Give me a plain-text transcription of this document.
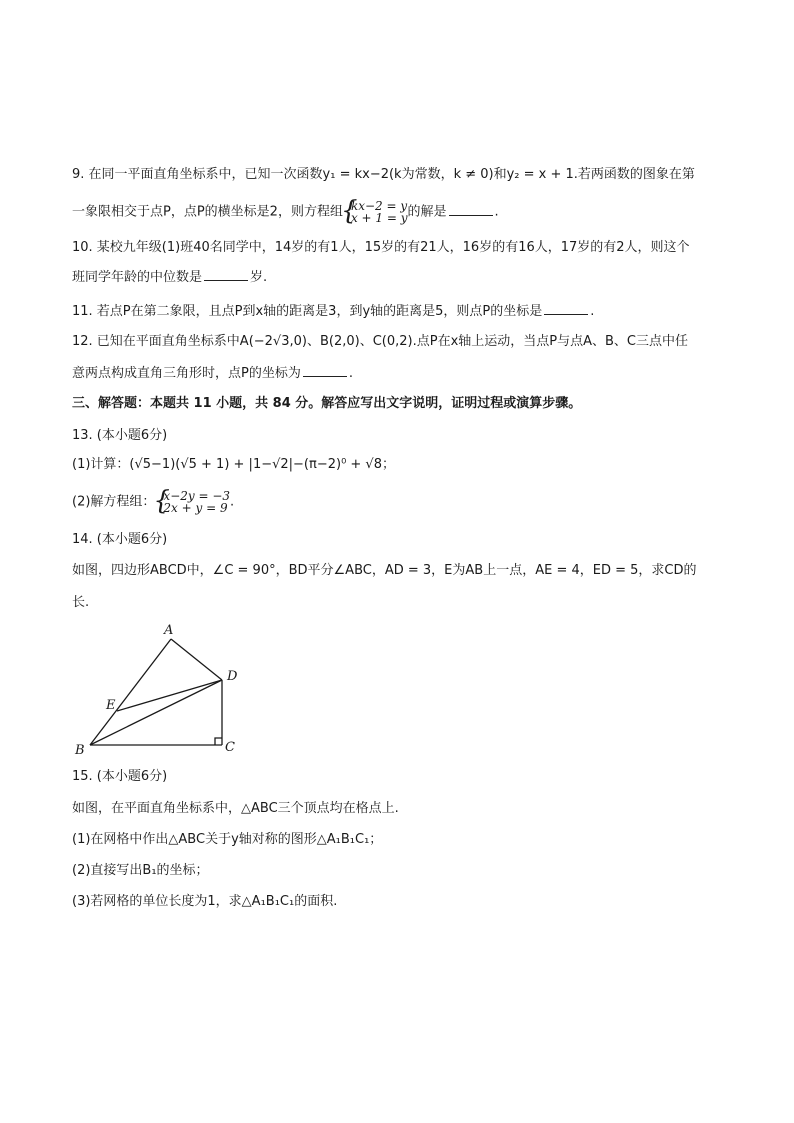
9. 在同一平面直角坐标系中，已知一次函数y₁ = kx−2(k为常数，k ≠ 0)和y₂ = x + 1.若两函数的图象在第
一象限相交于点P，点P的横坐标是2，则方程组 { kx−2 = y
x + 1 = y 的解是	.
10. 某校九年级(1)班40名同学中，14岁的有1人，15岁的有21人，16岁的有16人，17岁的有2人，则这个
班同学年龄的中位数是	岁.
11. 若点P在第二象限，且点P到x轴的距离是3，到y轴的距离是5，则点P的坐标是	.
12. 已知在平面直角坐标系中A(−2√3,0)、B(2,0)、C(0,2).点P在x轴上运动，当点P与点A、B、C三点中任
意两点构成直角三角形时，点P的坐标为	.
三、解答题：本题共 11 小题，共 84 分。解答应写出文字说明，证明过程或演算步骤。
13. (本小题6分)
(1)计算：(√5−1)(√5 + 1) + |1−√2|−(π−2)⁰ + √8；
(2)解方程组： { x−2y = −3
2x + y = 9 .
14. (本小题6分)
如图，四边形ABCD中，∠C = 90°，BD平分∠ABC，AD = 3，E为AB上一点，AE = 4，ED = 5，求CD的
长.
A
D
E
B	C
15. (本小题6分)
如图，在平面直角坐标系中，△ABC三个顶点均在格点上.
(1)在网格中作出△ABC关于y轴对称的图形△A₁B₁C₁；
(2)直接写出B₁的坐标；
(3)若网格的单位长度为1，求△A₁B₁C₁的面积.
